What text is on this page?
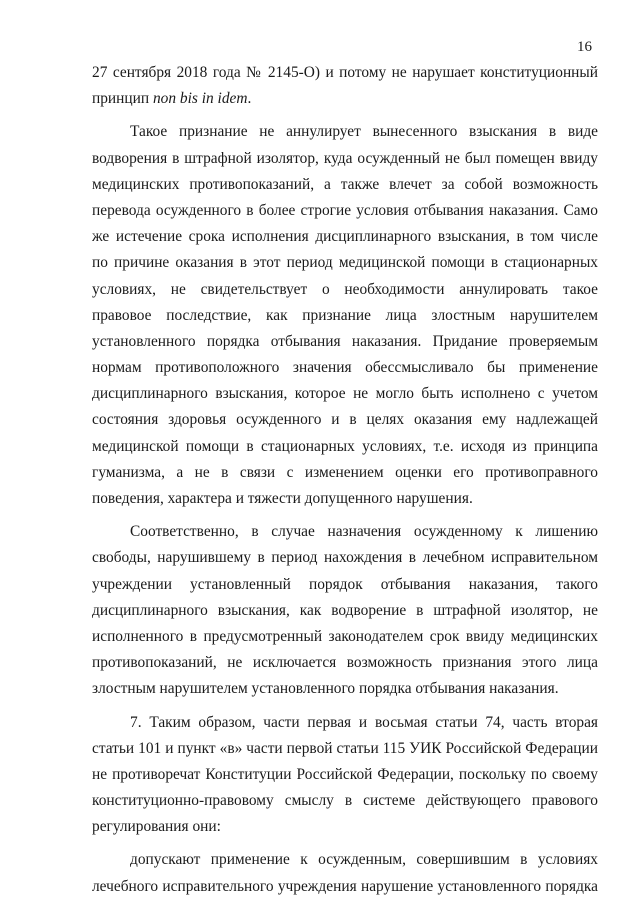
16
27 сентября 2018 года № 2145-О) и потому не нарушает конституционный
принцип non bis in idem.
Такое признание не аннулирует вынесенного взыскания в виде
водворения в штрафной изолятор, куда осужденный не был помещен ввиду
медицинских противопоказаний, а также влечет за собой возможность
перевода осужденного в более строгие условия отбывания наказания. Само
же истечение срока исполнения дисциплинарного взыскания, в том числе
по причине оказания в этот период медицинской помощи в стационарных
условиях, не свидетельствует о необходимости аннулировать такое
правовое последствие, как признание лица злостным нарушителем
установленного порядка отбывания наказания. Придание проверяемым
нормам противоположного значения обессмысливало бы применение
дисциплинарного взыскания, которое не могло быть исполнено с учетом
состояния здоровья осужденного и в целях оказания ему надлежащей
медицинской помощи в стационарных условиях, т.е. исходя из принципа
гуманизма, а не в связи с изменением оценки его противоправного
поведения, характера и тяжести допущенного нарушения.
Соответственно, в случае назначения осужденному к лишению
свободы, нарушившему в период нахождения в лечебном исправительном
учреждении установленный порядок отбывания наказания, такого
дисциплинарного взыскания, как водворение в штрафной изолятор, не
исполненного в предусмотренный законодателем срок ввиду медицинских
противопоказаний, не исключается возможность признания этого лица
злостным нарушителем установленного порядка отбывания наказания.
7. Таким образом, части первая и восьмая статьи 74, часть вторая
статьи 101 и пункт «в» части первой статьи 115 УИК Российской Федерации
не противоречат Конституции Российской Федерации, поскольку по своему
конституционно-правовому смыслу в системе действующего правового
регулирования они:
допускают применение к осужденным, совершившим в условиях
лечебного исправительного учреждения нарушение установленного порядка
